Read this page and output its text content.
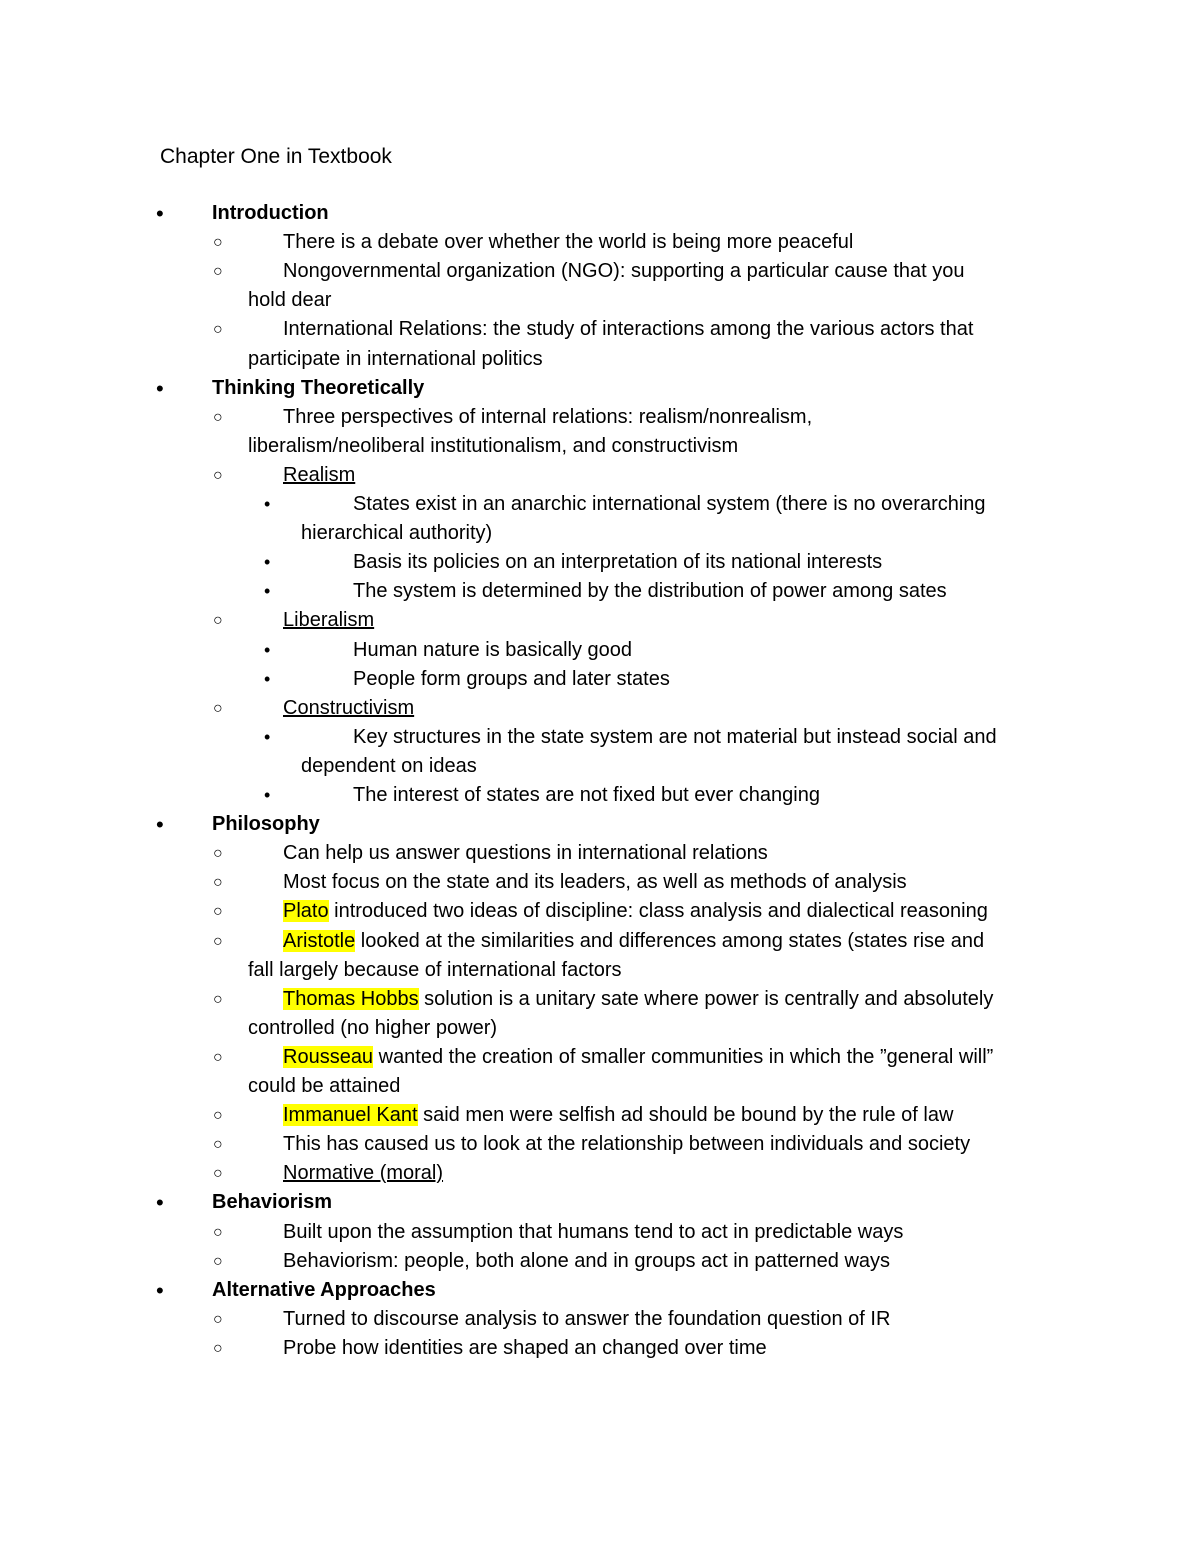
Chapter One in Textbook
• Introduction
○	There is a debate over whether the world is being more peaceful
○	Nongovernmental organization (NGO): supporting a particular cause that you
hold dear
○	International Relations: the study of interactions among the various actors that
participate in international politics
• Thinking Theoretically
○	Three perspectives of internal relations: realism/nonrealism,
liberalism/neoliberal institutionalism, and constructivism
○	Realism
•	States exist in an anarchic international system (there is no overarching
hierarchical authority)
•	Basis its policies on an interpretation of its national interests
•	The system is determined by the distribution of power among sates
○	Liberalism
•	Human nature is basically good
•	People form groups and later states
○	Constructivism
•	Key structures in the state system are not material but instead social and
dependent on ideas
•	The interest of states are not fixed but ever changing
• Philosophy
○	Can help us answer questions in international relations
○	Most focus on the state and its leaders, as well as methods of analysis
○	Plato introduced two ideas of discipline: class analysis and dialectical reasoning
○	Aristotle looked at the similarities and differences among states (states rise and
fall largely because of international factors
○	Thomas Hobbs solution is a unitary sate where power is centrally and absolutely
controlled (no higher power)
○	Rousseau wanted the creation of smaller communities in which the ”general will”
could be attained
○	Immanuel Kant said men were selfish ad should be bound by the rule of law
○	This has caused us to look at the relationship between individuals and society
○	Normative (moral)
• Behaviorism
○	Built upon the assumption that humans tend to act in predictable ways
○	Behaviorism: people, both alone and in groups act in patterned ways
• Alternative Approaches
○	Turned to discourse analysis to answer the foundation question of IR
○	Probe how identities are shaped an changed over time
